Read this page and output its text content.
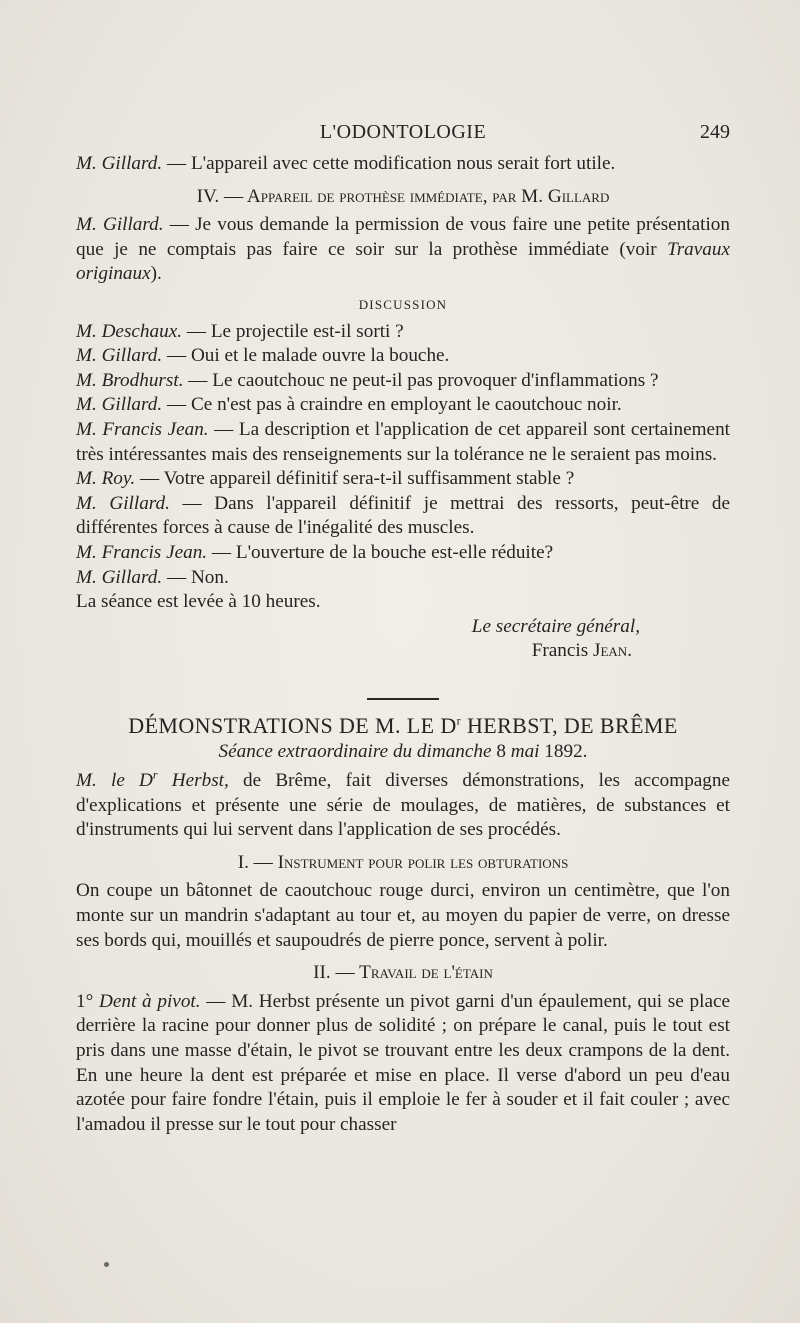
L'ODONTOLOGIE	249

M. Gillard. — L'appareil avec cette modification nous serait fort utile.

IV. — Appareil de prothèse immédiate, par M. Gillard

M. Gillard. — Je vous demande la permission de vous faire une petite présentation que je ne comptais pas faire ce soir sur la prothèse immédiate (voir Travaux originaux).

DISCUSSION

M. Deschaux. — Le projectile est-il sorti ?

M. Gillard. — Oui et le malade ouvre la bouche.

M. Brodhurst. — Le caoutchouc ne peut-il pas provoquer d'inflammations ?

M. Gillard. — Ce n'est pas à craindre en employant le caoutchouc noir.

M. Francis Jean. — La description et l'application de cet appareil sont certainement très intéressantes mais des renseignements sur la tolérance ne le seraient pas moins.

M. Roy. — Votre appareil définitif sera-t-il suffisamment stable ?

M. Gillard. — Dans l'appareil définitif je mettrai des ressorts, peut-être de différentes forces à cause de l'inégalité des muscles.

M. Francis Jean. — L'ouverture de la bouche est-elle réduite?

M. Gillard. — Non.

La séance est levée à 10 heures.

Le secrétaire général,

Francis Jean.

DÉMONSTRATIONS DE M. LE $D^r$ HERBST, DE BRÊME

Séance extraordinaire du dimanche 8 mai 1892.

M. le $D^r$ Herbst, de Brême, fait diverses démonstrations, les accompagne d'explications et présente une série de moulages, de matières, de substances et d'instruments qui lui servent dans l'application de ses procédés.

I. — Instrument pour polir les obturations

On coupe un bâtonnet de caoutchouc rouge durci, environ un centimètre, que l'on monte sur un mandrin s'adaptant au tour et, au moyen du papier de verre, on dresse ses bords qui, mouillés et saupoudrés de pierre ponce, servent à polir.

II. — Travail de l'étain

1° Dent à pivot. — M. Herbst présente un pivot garni d'un épaulement, qui se place derrière la racine pour donner plus de solidité ; on prépare le canal, puis le tout est pris dans une masse d'étain, le pivot se trouvant entre les deux crampons de la dent. En une heure la dent est préparée et mise en place. Il verse d'abord un peu d'eau azotée pour faire fondre l'étain, puis il emploie le fer à souder et il fait couler ; avec l'amadou il presse sur le tout pour chasser
